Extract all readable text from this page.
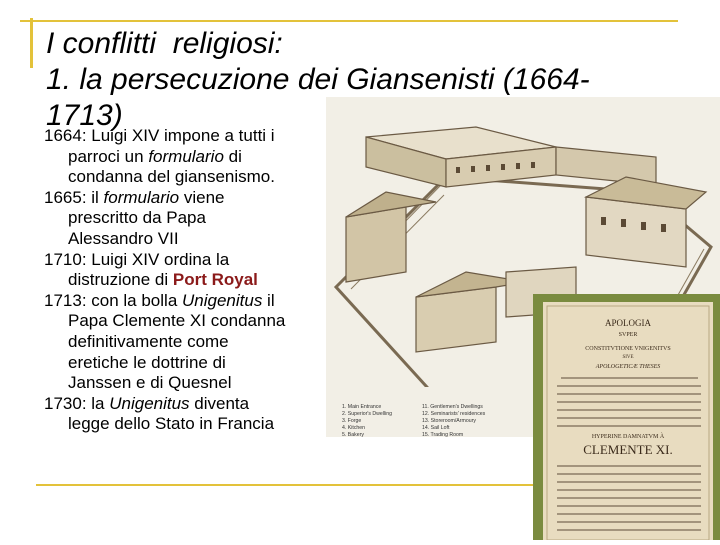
I conflitti  religiosi:
1. la persecuzione dei Giansenisti (1664-
1713)
1. Main Entrance
2. Superior's Dwelling
3. Forge
4. Kitchen
5. Bakery
11. Gentlemen's Dwellings
12. Seminarists' residences
13. Storeroom/Armoury
14. Sail Loft
15. Trading Room
APOLOGIA
SVPER
CONSTITVTIONE VNIGENITVS
SIVE
APOLOGETICÆ THESES
HYPERINE DAMNATVM À
CLEMENTE XI.

1664: Luigi XIV impone a tutti i
parroci un formulario di
condanna del giansenismo.

1665: il formulario viene
prescritto da Papa
Alessandro VII

1710: Luigi XIV ordina la
distruzione di Port Royal

1713: con la bolla Unigenitus il
Papa Clemente XI condanna
definitivamente come
eretiche le dottrine di
Janssen e di Quesnel

1730: la Unigenitus diventa
legge dello Stato in Francia
